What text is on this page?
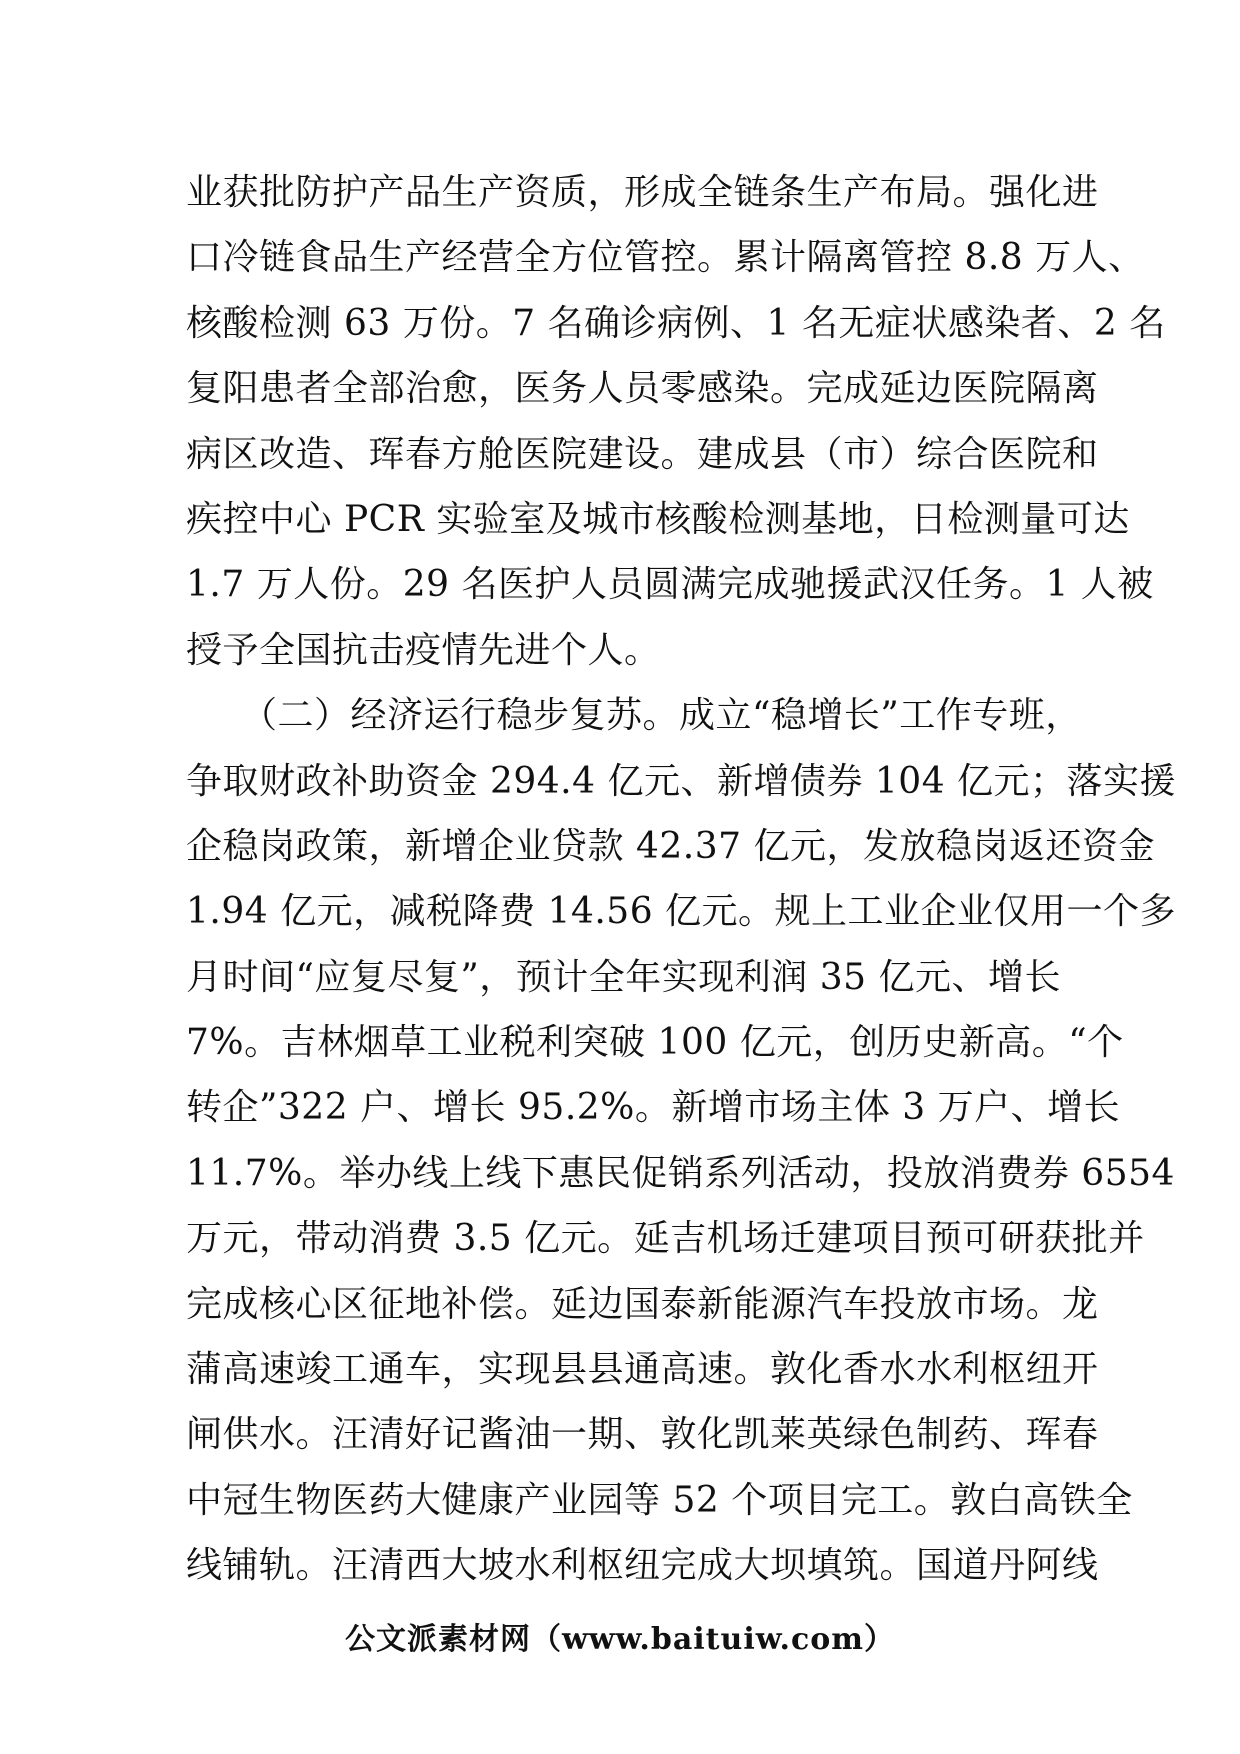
业获批防护产品生产资质，形成全链条生产布局。强化进
口冷链食品生产经营全方位管控。累计隔离管控 8.8 万人、
核酸检测 63 万份。7 名确诊病例、1 名无症状感染者、2 名
复阳患者全部治愈，医务人员零感染。完成延边医院隔离
病区改造、珲春方舱医院建设。建成县（市）综合医院和
疾控中心 PCR 实验室及城市核酸检测基地，日检测量可达
1.7 万人份。29 名医护人员圆满完成驰援武汉任务。1 人被
授予全国抗击疫情先进个人。
　　（二）经济运行稳步复苏。成立“稳增长”工作专班，
争取财政补助资金 294.4 亿元、新增债券 104 亿元；落实援
企稳岗政策，新增企业贷款 42.37 亿元，发放稳岗返还资金
1.94 亿元，减税降费 14.56 亿元。规上工业企业仅用一个多
月时间“应复尽复”，预计全年实现利润 35 亿元、增长
7%。吉林烟草工业税利突破 100 亿元，创历史新高。“个
转企”322 户、增长 95.2%。新增市场主体 3 万户、增长
11.7%。举办线上线下惠民促销系列活动，投放消费券 6554
万元，带动消费 3.5 亿元。延吉机场迁建项目预可研获批并
完成核心区征地补偿。延边国泰新能源汽车投放市场。龙
蒲高速竣工通车，实现县县通高速。敦化香水水利枢纽开
闸供水。汪清好记酱油一期、敦化凯莱英绿色制药、珲春
中冠生物医药大健康产业园等 52 个项目完工。敦白高铁全
线铺轨。汪清西大坡水利枢纽完成大坝填筑。国道丹阿线
公文派素材网（www.baituiw.com）
